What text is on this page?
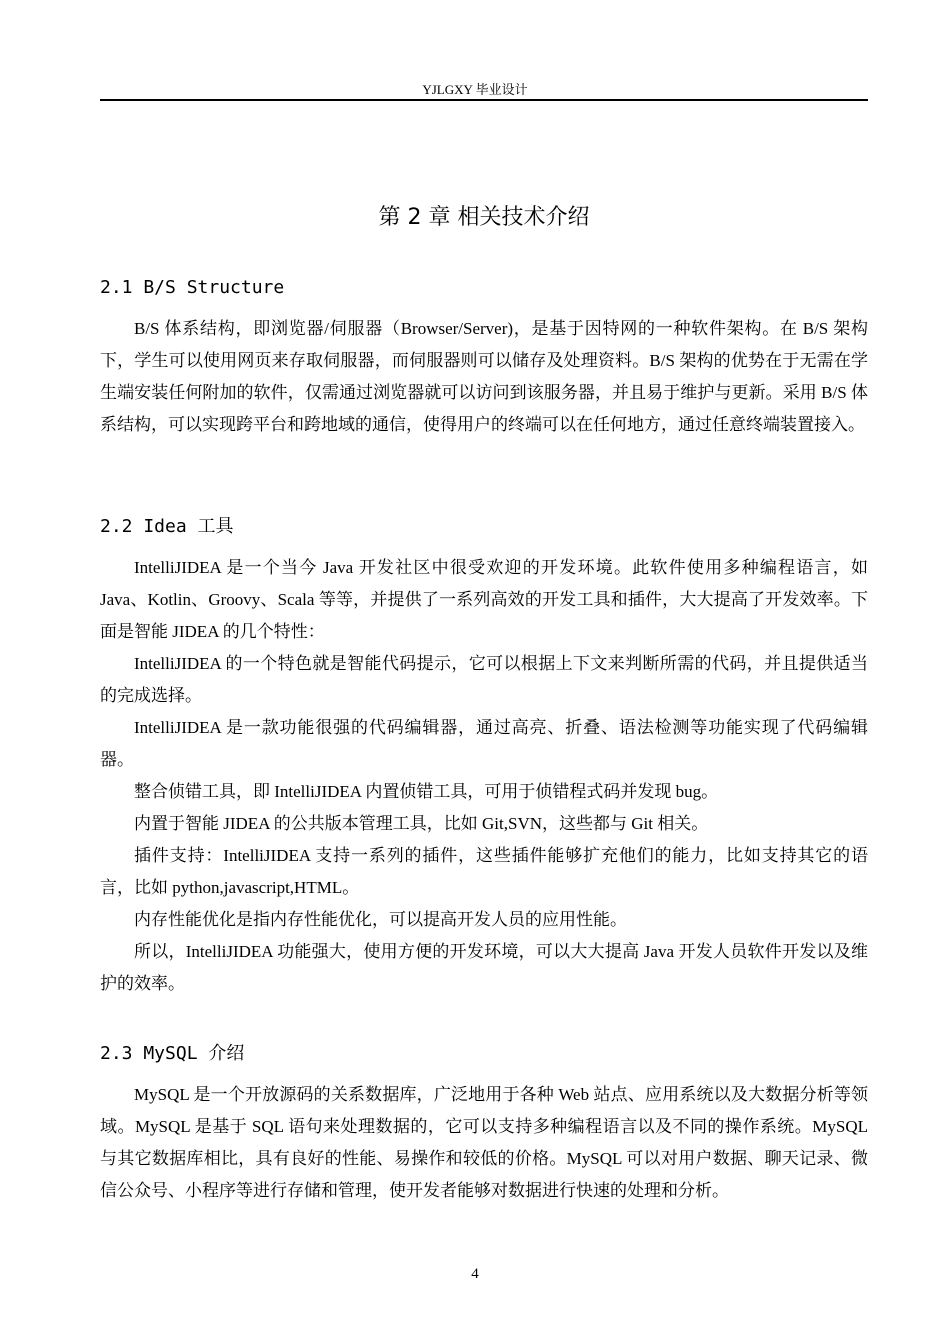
YJLGXY 毕业设计
第 2 章 相关技术介绍
2.1 B/S Structure

B/S 体系结构，即浏览器/伺服器（Browser/Server)，是基于因特网的一种软件架构。在 B/S 架构下，学生可以使用网页来存取伺服器，而伺服器则可以储存及处理资料。B/S 架构的优势在于无需在学生端安装任何附加的软件，仅需通过浏览器就可以访问到该服务器，并且易于维护与更新。采用 B/S 体系结构，可以实现跨平台和跨地域的通信，使得用户的终端可以在任何地方，通过任意终端装置接入。

2.2 Idea 工具

IntelliJIDEA 是一个当今 Java 开发社区中很受欢迎的开发环境。此软件使用多种编程语言，如 Java、Kotlin、Groovy、Scala 等等，并提供了一系列高效的开发工具和插件，大大提高了开发效率。下面是智能 JIDEA 的几个特性：

IntelliJIDEA 的一个特色就是智能代码提示，它可以根据上下文来判断所需的代码，并且提供适当的完成选择。

IntelliJIDEA 是一款功能很强的代码编辑器，通过高亮、折叠、语法检测等功能实现了代码编辑器。

整合侦错工具，即 IntelliJIDEA 内置侦错工具，可用于侦错程式码并发现 bug。

内置于智能 JIDEA 的公共版本管理工具，比如 Git,SVN，这些都与 Git 相关。

插件支持：IntelliJIDEA 支持一系列的插件，这些插件能够扩充他们的能力，比如支持其它的语言，比如 python,javascript,HTML。

内存性能优化是指内存性能优化，可以提高开发人员的应用性能。

所以，IntelliJIDEA 功能强大，使用方便的开发环境，可以大大提高 Java 开发人员软件开发以及维护的效率。

2.3 MySQL 介绍

MySQL 是一个开放源码的关系数据库，广泛地用于各种 Web 站点、应用系统以及大数据分析等领域。MySQL 是基于 SQL 语句来处理数据的，它可以支持多种编程语言以及不同的操作系统。MySQL 与其它数据库相比，具有良好的性能、易操作和较低的价格。MySQL 可以对用户数据、聊天记录、微信公众号、小程序等进行存储和管理，使开发者能够对数据进行快速的处理和分析。

4
